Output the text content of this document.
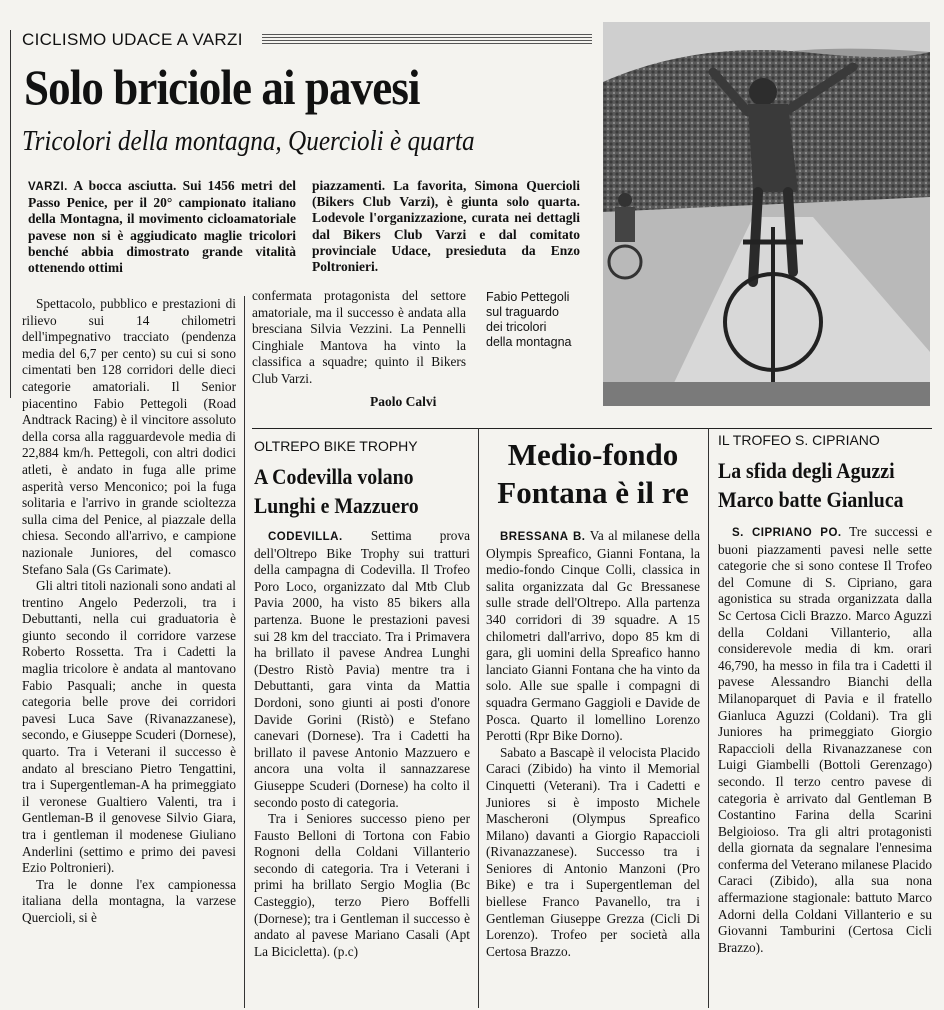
CICLISMO UDACE A VARZI
Solo briciole ai pavesi
Tricolori della montagna, Quercioli è quarta

VARZI. A bocca asciutta. Sui 1456 metri del Passo Penice, per il 20° campionato italiano della Montagna, il movimento cicloamatoriale pavese non si è aggiudicato maglie tricolori benché abbia dimostrato grande vitalità ottenendo ottimi

piazzamenti. La favorita, Simona Quercioli (Bikers Club Varzi), è giunta solo quarta. Lodevole l'organizzazione, curata nei dettagli dal Bikers Club Varzi e dal comitato provinciale Udace, presieduta da Enzo Poltronieri.

Spettacolo, pubblico e prestazioni di rilievo sui 14 chilometri dell'impegnativo tracciato (pendenza media del 6,7 per cento) su cui si sono cimentati ben 128 corridori delle dieci categorie amatoriali. Il Senior piacentino Fabio Pettegoli (Road Andtrack Racing) è il vincitore assoluto della corsa alla ragguardevole media di 22,884 km/h. Pettegoli, con altri dodici atleti, è andato in fuga alle prime asperità verso Menconico; poi la fuga solitaria e l'arrivo in grande scioltezza sulla cima del Penice, al piazzale della chiesa. Secondo all'arrivo, e campione nazionale Juniores, del comasco Stefano Sala (Gs Carimate).

Gli altri titoli nazionali sono andati al trentino Angelo Pederzoli, tra i Debuttanti, nella cui graduatoria è giunto secondo il corridore varzese Roberto Rossetta. Tra i Cadetti la maglia tricolore è andata al mantovano Fabio Pasquali; anche in questa categoria belle prove dei corridori pavesi Luca Save (Rivanazzanese), secondo, e Giuseppe Scuderi (Dornese), quarto. Tra i Veterani il successo è andato al bresciano Pietro Tengattini, tra i Supergentleman-A ha primeggiato il veronese Gualtiero Valenti, tra i Gentleman-B il genovese Silvio Giara, tra i gentleman il modenese Giuliano Anderlini (settimo e primo dei pavesi Ezio Poltronieri).

Tra le donne l'ex campionessa italiana della montagna, la varzese Quercioli, si è

confermata protagonista del settore amatoriale, ma il successo è andata alla bresciana Silvia Vezzini. La Pennelli Cinghiale Mantova ha vinto la classifica a squadre; quinto il Bikers Club Varzi.

Paolo Calvi
Fabio Pettegoli sul traguardo dei tricolori della montagna
OLTREPO BIKE TROPHY
A Codevilla volano Lunghi e Mazzuero

CODEVILLA. Settima prova dell'Oltrepo Bike Trophy sui tratturi della campagna di Codevilla. Il Trofeo Poro Loco, organizzato dal Mtb Club Pavia 2000, ha visto 85 bikers alla partenza. Buone le prestazioni pavesi sui 28 km del tracciato. Tra i Primavera ha brillato il pavese Andrea Lunghi (Destro Ristò Pavia) mentre tra i Debuttanti, gara vinta da Mattia Dordoni, sono giunti ai posti d'onore Davide Gorini (Ristò) e Stefano canevari (Dornese). Tra i Cadetti ha brillato il pavese Antonio Mazzuero e ancora una volta il sannazzarese Giuseppe Scuderi (Dornese) ha colto il secondo posto di categoria.

Tra i Seniores successo pieno per Fausto Belloni di Tortona con Fabio Rognoni della Coldani Villanterio secondo di categoria. Tra i Veterani i primi ha brillato Sergio Moglia (Bc Casteggio), terzo Piero Boffelli (Dornese); tra i Gentleman il successo è andato al pavese Mariano Casali (Apt La Bicicletta). (p.c)

Medio-fondo Fontana è il re

BRESSANA B. Va al milanese della Olympis Spreafico, Gianni Fontana, la medio-fondo Cinque Colli, classica in salita organizzata dal Gc Bressanese sulle strade dell'Oltrepo. Alla partenza 340 corridori di 39 squadre. A 15 chilometri dall'arrivo, dopo 85 km di gara, gli uomini della Spreafico hanno lanciato Gianni Fontana che ha vinto da solo. Alle sue spalle i compagni di squadra Germano Gaggioli e Davide de Posca. Quarto il lomellino Lorenzo Perotti (Rpr Bike Dorno).

Sabato a Bascapè il velocista Placido Caraci (Zibido) ha vinto il Memorial Cinquetti (Veterani). Tra i Cadetti e Juniores si è imposto Michele Mascheroni (Olympus Spreafico Milano) davanti a Giorgio Rapaccioli (Rivanazzanese). Successo tra i Seniores di Antonio Manzoni (Pro Bike) e tra i Supergentleman del biellese Franco Pavanello, tra i Gentleman Giuseppe Grezza (Cicli Di Lorenzo). Trofeo per società alla Certosa Brazzo.

IL TROFEO S. CIPRIANO
La sfida degli Aguzzi Marco batte Gianluca

S. CIPRIANO PO. Tre successi e buoni piazzamenti pavesi nelle sette categorie che si sono contese Il Trofeo del Comune di S. Cipriano, gara agonistica su strada organizzata dalla Sc Certosa Cicli Brazzo. Marco Aguzzi della Coldani Villanterio, alla considerevole media di km. orari 46,790, ha messo in fila tra i Cadetti il pavese Alessandro Bianchi della Milanoparquet di Pavia e il fratello Gianluca Aguzzi (Coldani). Tra gli Juniores ha primeggiato Giorgio Rapaccioli della Rivanazzanese con Luigi Giambelli (Bottoli Gerenzago) secondo. Il terzo centro pavese di categoria è arrivato dal Gentleman B Costantino Farina della Scarini Belgioioso. Tra gli altri protagonisti della giornata da segnalare l'ennesima conferma del Veterano milanese Placido Caraci (Zibido), alla sua nona affermazione stagionale: battuto Marco Adorni della Coldani Villanterio e su Giovanni Tamburini (Certosa Cicli Brazzo).
